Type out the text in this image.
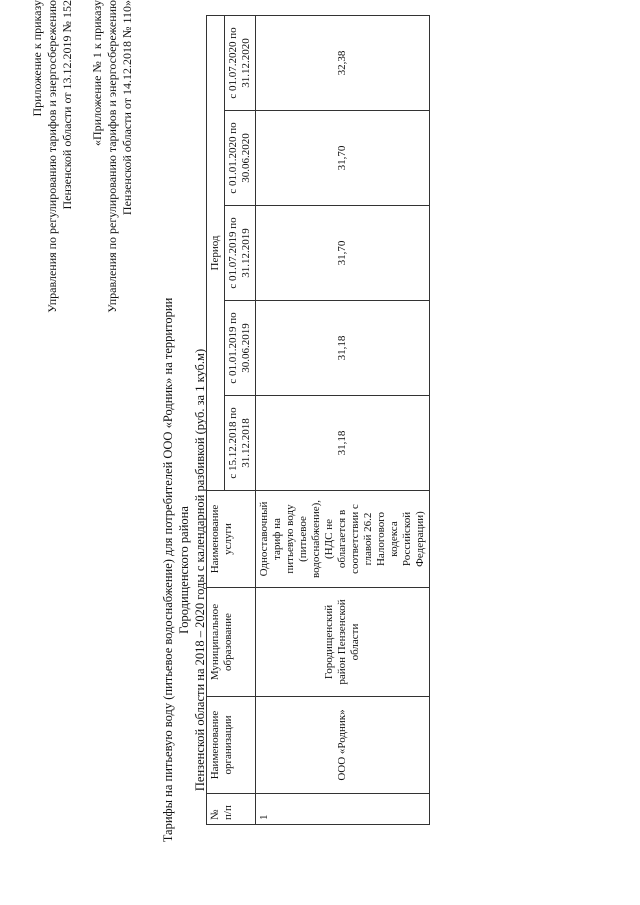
Приложение к приказу Управления по регулированию тарифов и энергосбережению Пензенской области от 13.12.2019 № 152 «Приложение № 1 к приказу Управления по регулированию тарифов и энергосбережению Пензенской области от 14.12.2018 № 110»
Тарифы на питьевую воду (питьевое водоснабжение) для потребителей ООО «Родник» на территории Городищенского района Пензенской области на 2018 – 2020 годы с календарной разбивкой (руб. за 1 куб.м)
№ п/п	Наименование организации	Муниципальное образование	Наименование услуги	Период				
				с 15.12.2018 по 31.12.2018	с 01.01.2019 по 30.06.2019	с 01.07.2019 по 31.12.2019	с 01.01.2020 по 30.06.2020	с 01.07.2020 по 31.12.2020
1	ООО «Родник»	Городищенский район Пензенской области	Одноставочный тариф на питьевую воду (питьевое водоснабжение), (НДС не облагается в соответствии с главой 26.2 Налогового кодекса Российской Федерации)	31,18	31,18	31,70	31,70	32,38
